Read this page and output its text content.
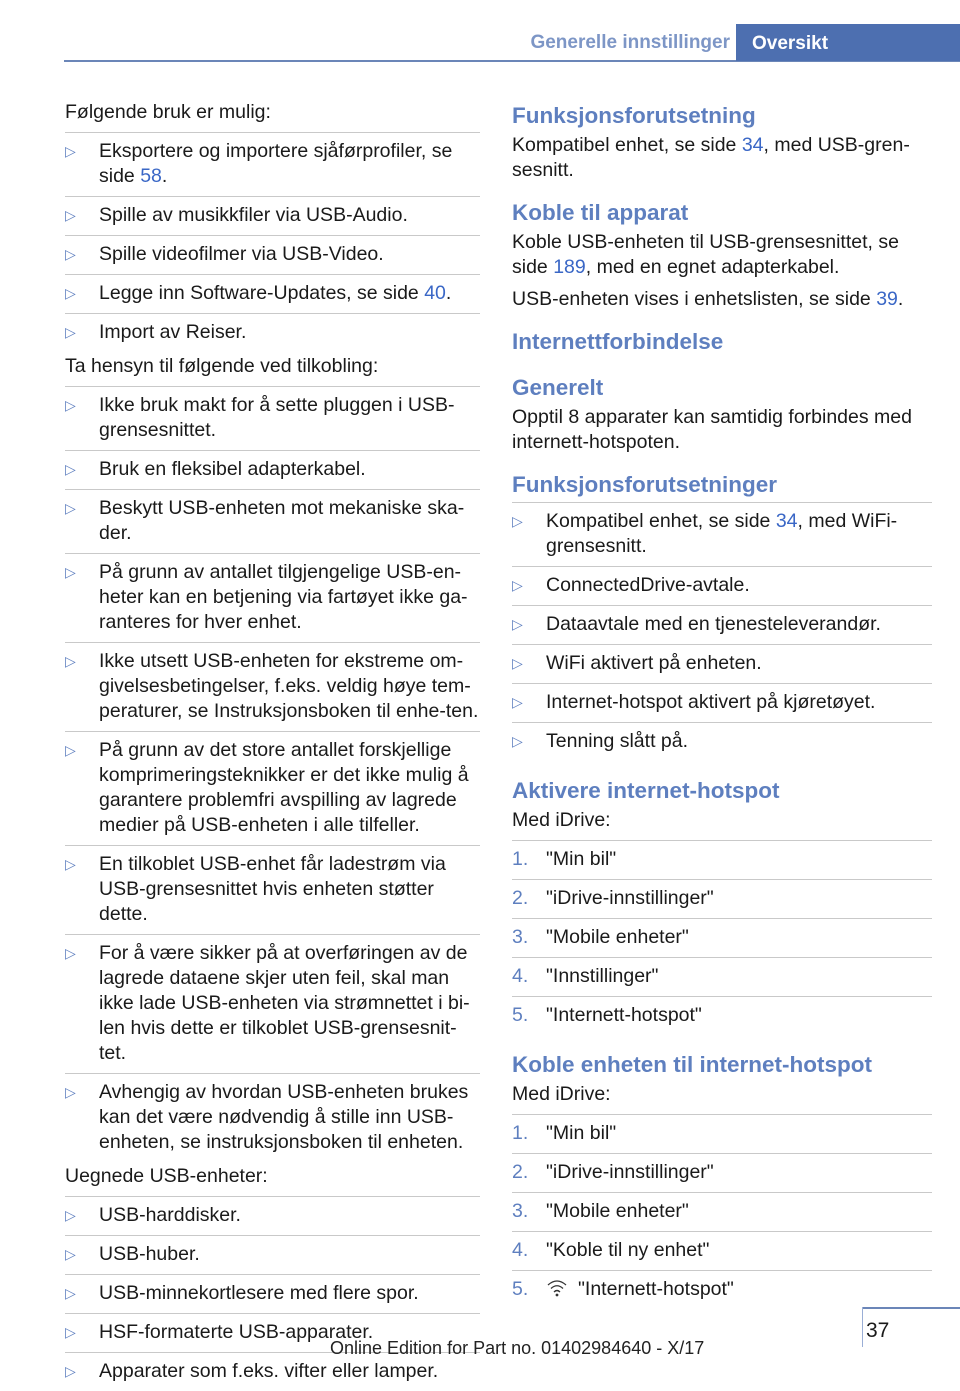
Generelle innstillinger	Oversikt

Følgende bruk er mulig:

▷	Eksportere og importere sjåførprofiler, se side 58.
▷	Spille av musikkfiler via USB-Audio.
▷	Spille videofilmer via USB-Video.
▷	Legge inn Software-Updates, se side 40.
▷	Import av Reiser.

Ta hensyn til følgende ved tilkobling:

▷	Ikke bruk makt for å sette pluggen i USB-grensesnittet.
▷	Bruk en fleksibel adapterkabel.
▷	Beskytt USB-enheten mot mekaniske ska-der.
▷	På grunn av antallet tilgjengelige USB-en-heter kan en betjening via fartøyet ikke ga-ranteres for hver enhet.
▷	Ikke utsett USB-enheten for ekstreme om-givelsesbetingelser, f.eks. veldig høye tem-peraturer, se Instruksjonsboken til enhe-ten.
▷	På grunn av det store antallet forskjellige komprimeringsteknikker er det ikke mulig å garantere problemfri avspilling av lagrede medier på USB-enheten i alle tilfeller.
▷	En tilkoblet USB-enhet får ladestrøm via USB-grensesnittet hvis enheten støtter dette.
▷	For å være sikker på at overføringen av de lagrede dataene skjer uten feil, skal man ikke lade USB-enheten via strømnettet i bi-len hvis dette er tilkoblet USB-grensesnit-tet.
▷	Avhengig av hvordan USB-enheten brukes kan det være nødvendig å stille inn USB-enheten, se instruksjonsboken til enheten.

Uegnede USB-enheter:

▷	USB-harddisker.
▷	USB-huber.
▷	USB-minnekortlesere med flere spor.
▷	HSF-formaterte USB-apparater.
▷	Apparater som f.eks. vifter eller lamper.
Funksjonsforutsetning

Kompatibel enhet, se side 34, med USB-gren-sesnitt.

Koble til apparat

Koble USB-enheten til USB-grensesnittet, se side 189, med en egnet adapterkabel.

USB-enheten vises i enhetslisten, se side 39.

Internettforbindelse
Generelt

Opptil 8 apparater kan samtidig forbindes med internett-hotspoten.

Funksjonsforutsetninger
▷	Kompatibel enhet, se side 34, med WiFi-grensesnitt.
▷	ConnectedDrive-avtale.
▷	Dataavtale med en tjenesteleverandør.
▷	WiFi aktivert på enheten.
▷	Internet-hotspot aktivert på kjøretøyet.
▷	Tenning slått på.
Aktivere internet-hotspot

Med iDrive:

1. "Min bil"
2. "iDrive-innstillinger"
3. "Mobile enheter"
4. "Innstillinger"
5. "Internett-hotspot"
Koble enheten til internet-hotspot

Med iDrive:

1. "Min bil"
2. "iDrive-innstillinger"
3. "Mobile enheter"
4. "Koble til ny enhet"
5.	"Internett-hotspot"
37
Online Edition for Part no. 01402984640 - X/17
